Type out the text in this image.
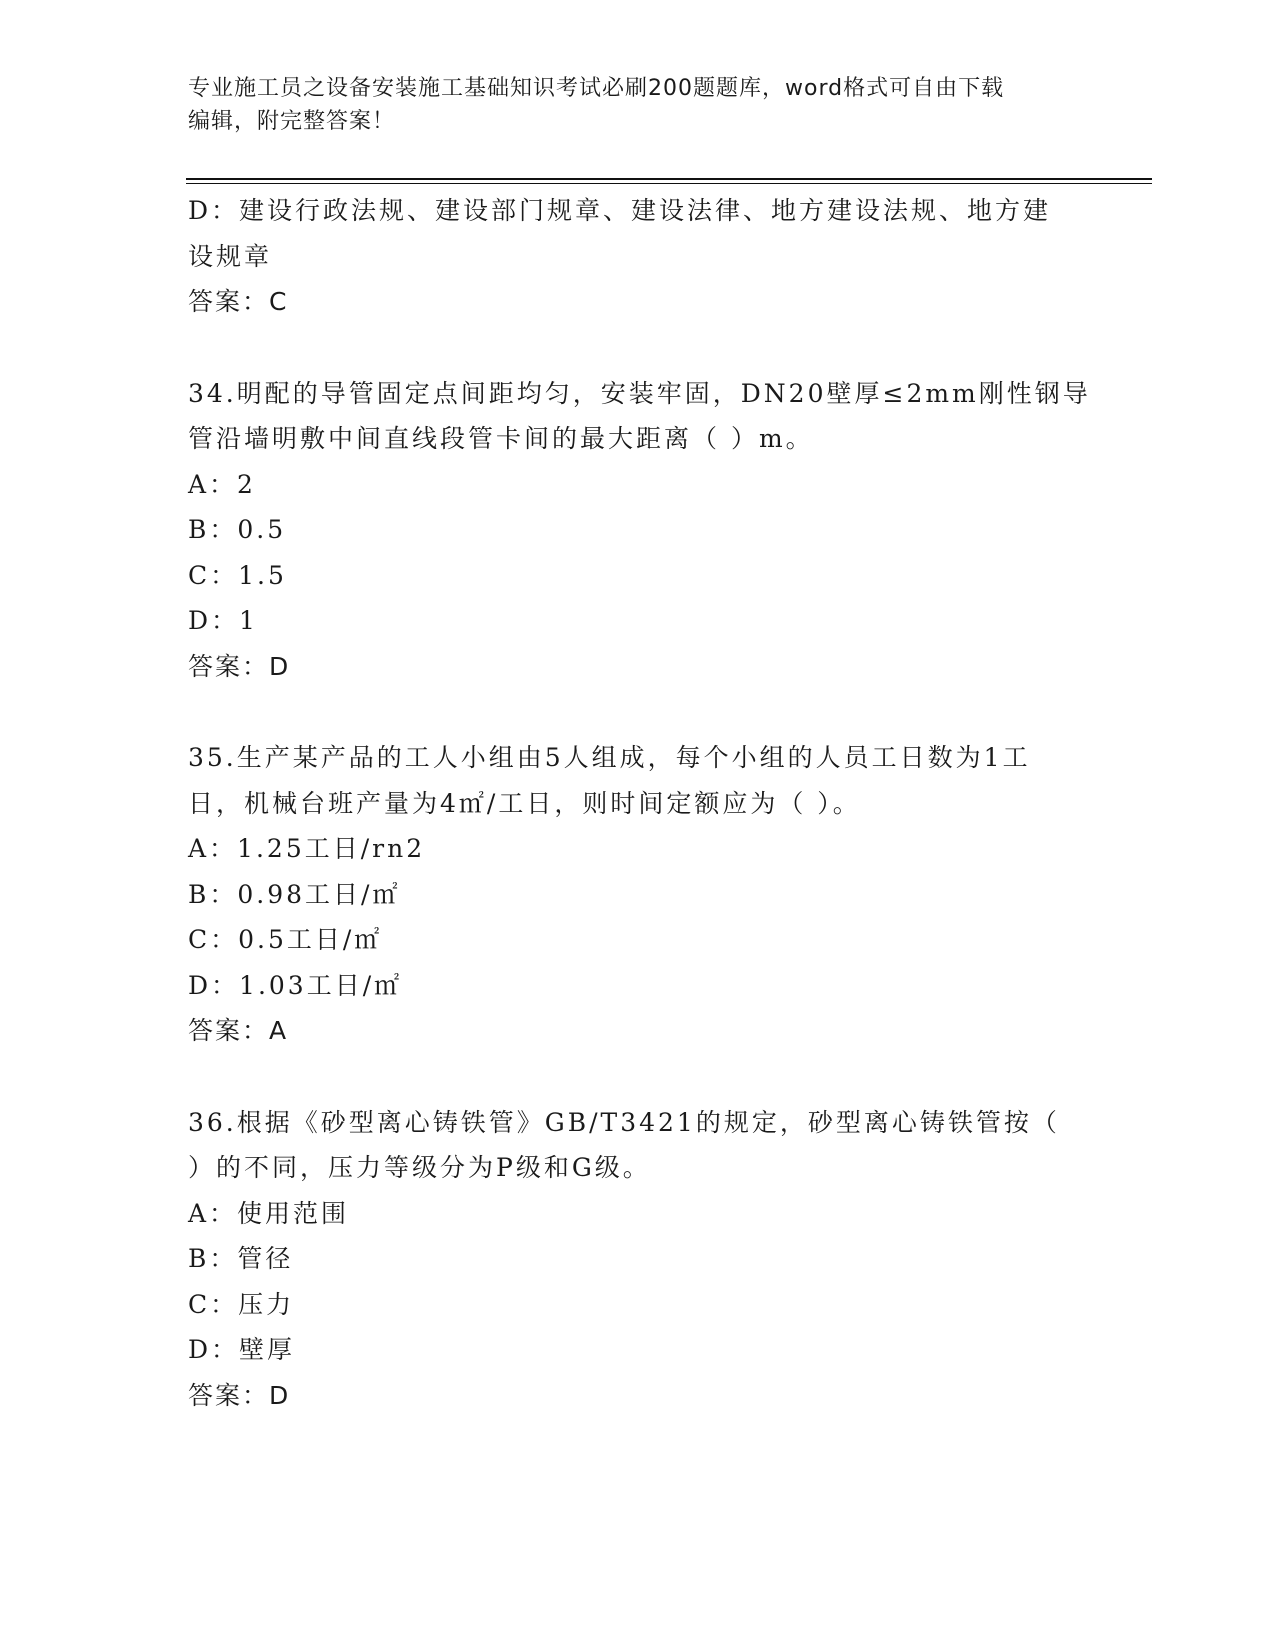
专业施工员之设备安装施工基础知识考试必刷200题题库，word格式可自由下载
编辑，附完整答案！
D：建设行政法规、建设部门规章、建设法律、地方建设法规、地方建
设规章
答案：C
34.明配的导管固定点间距均匀，安装牢固，DN20壁厚≤2mm刚性钢导
管沿墙明敷中间直线段管卡间的最大距离（ ）m。
A：2
B：0.5
C：1.5
D：1
答案：D
35.生产某产品的工人小组由5人组成，每个小组的人员工日数为1工
日，机械台班产量为4㎡/工日，则时间定额应为（ ）。
A：1.25工日/rn2
B：0.98工日/㎡
C：0.5工日/㎡
D：1.03工日/㎡
答案：A
36.根据《砂型离心铸铁管》GB/T3421的规定，砂型离心铸铁管按（
）的不同，压力等级分为P级和G级。
A：使用范围
B：管径
C：压力
D：壁厚
答案：D
